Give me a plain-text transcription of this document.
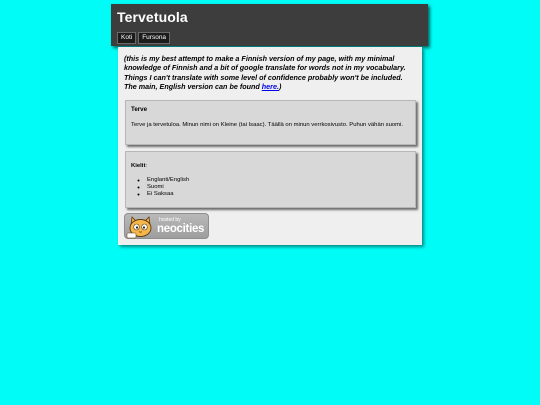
Tervetuola
Koti	Fursona

(this is my best attempt to make a Finnish version of my page, with my minimal knowledge of Finnish and a bit of google translate for words not in my vocabulary. Things I can't translate with some level of confidence probably won't be included. The main, English version can be found here.)

Terve

Terve ja tervetuloa. Minun nimi on Kleine (tai Isaac). Täällä on minun verrkosivusto. Puhun vähän suomi.

Kielit:

◦ Englanti/English
◦ Suomi
◦ Ei Saksaa
hosted by
neocities
